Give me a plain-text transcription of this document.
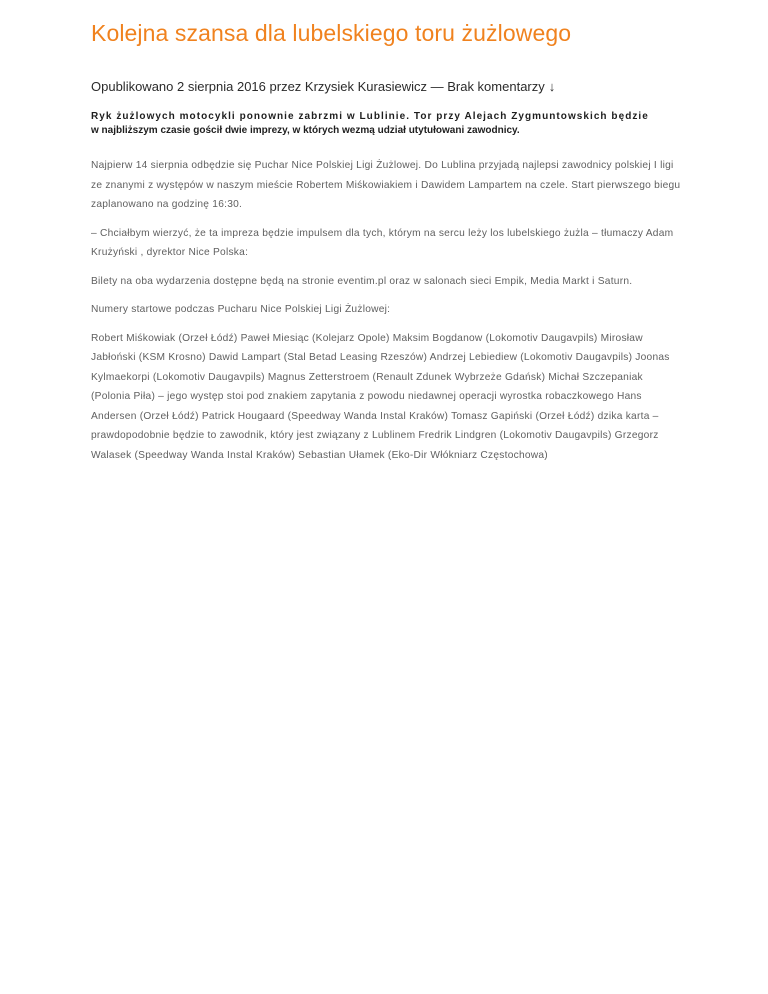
Kolejna szansa dla lubelskiego toru żużlowego
Opublikowano 2 sierpnia 2016 przez Krzysiek Kurasiewicz — Brak komentarzy ↓
Ryk żużlowych motocykli ponownie zabrzmi w Lublinie. Tor przy Alejach Zygmuntowskich będzie
w najbliższym czasie gościł dwie imprezy, w których wezmą udział utytułowani zawodnicy.

Najpierw 14 sierpnia odbędzie się Puchar Nice Polskiej Ligi Żużlowej. Do Lublina przyjadą najlepsi zawodnicy polskiej I ligi ze znanymi z występów w naszym mieście Robertem Miśkowiakiem i Dawidem Lampartem na czele. Start pierwszego biegu zaplanowano na godzinę 16:30.

– Chciałbym wierzyć, że ta impreza będzie impulsem dla tych, którym na sercu leży los lubelskiego żużla – tłumaczy Adam Krużyński , dyrektor Nice Polska:

Bilety na oba wydarzenia dostępne będą na stronie eventim.pl oraz w salonach sieci Empik, Media Markt i Saturn.

Numery startowe podczas Pucharu Nice Polskiej Ligi Żużlowej:

Robert Miśkowiak (Orzeł Łódź) Paweł Miesiąc (Kolejarz Opole) Maksim Bogdanow (Lokomotiv Daugavpils) Mirosław Jabłoński (KSM Krosno) Dawid Lampart (Stal Betad Leasing Rzeszów) Andrzej Lebiediew (Lokomotiv Daugavpils) Joonas Kylmaekorpi (Lokomotiv Daugavpils) Magnus Zetterstroem (Renault Zdunek Wybrzeże Gdańsk) Michał Szczepaniak (Polonia Piła) – jego występ stoi pod znakiem zapytania z powodu niedawnej operacji wyrostka robaczkowego Hans Andersen (Orzeł Łódź) Patrick Hougaard (Speedway Wanda Instal Kraków) Tomasz Gapiński (Orzeł Łódź) dzika karta – prawdopodobnie będzie to zawodnik, który jest związany z Lublinem Fredrik Lindgren (Lokomotiv Daugavpils) Grzegorz Walasek (Speedway Wanda Instal Kraków) Sebastian Ułamek (Eko-Dir Włókniarz Częstochowa)
